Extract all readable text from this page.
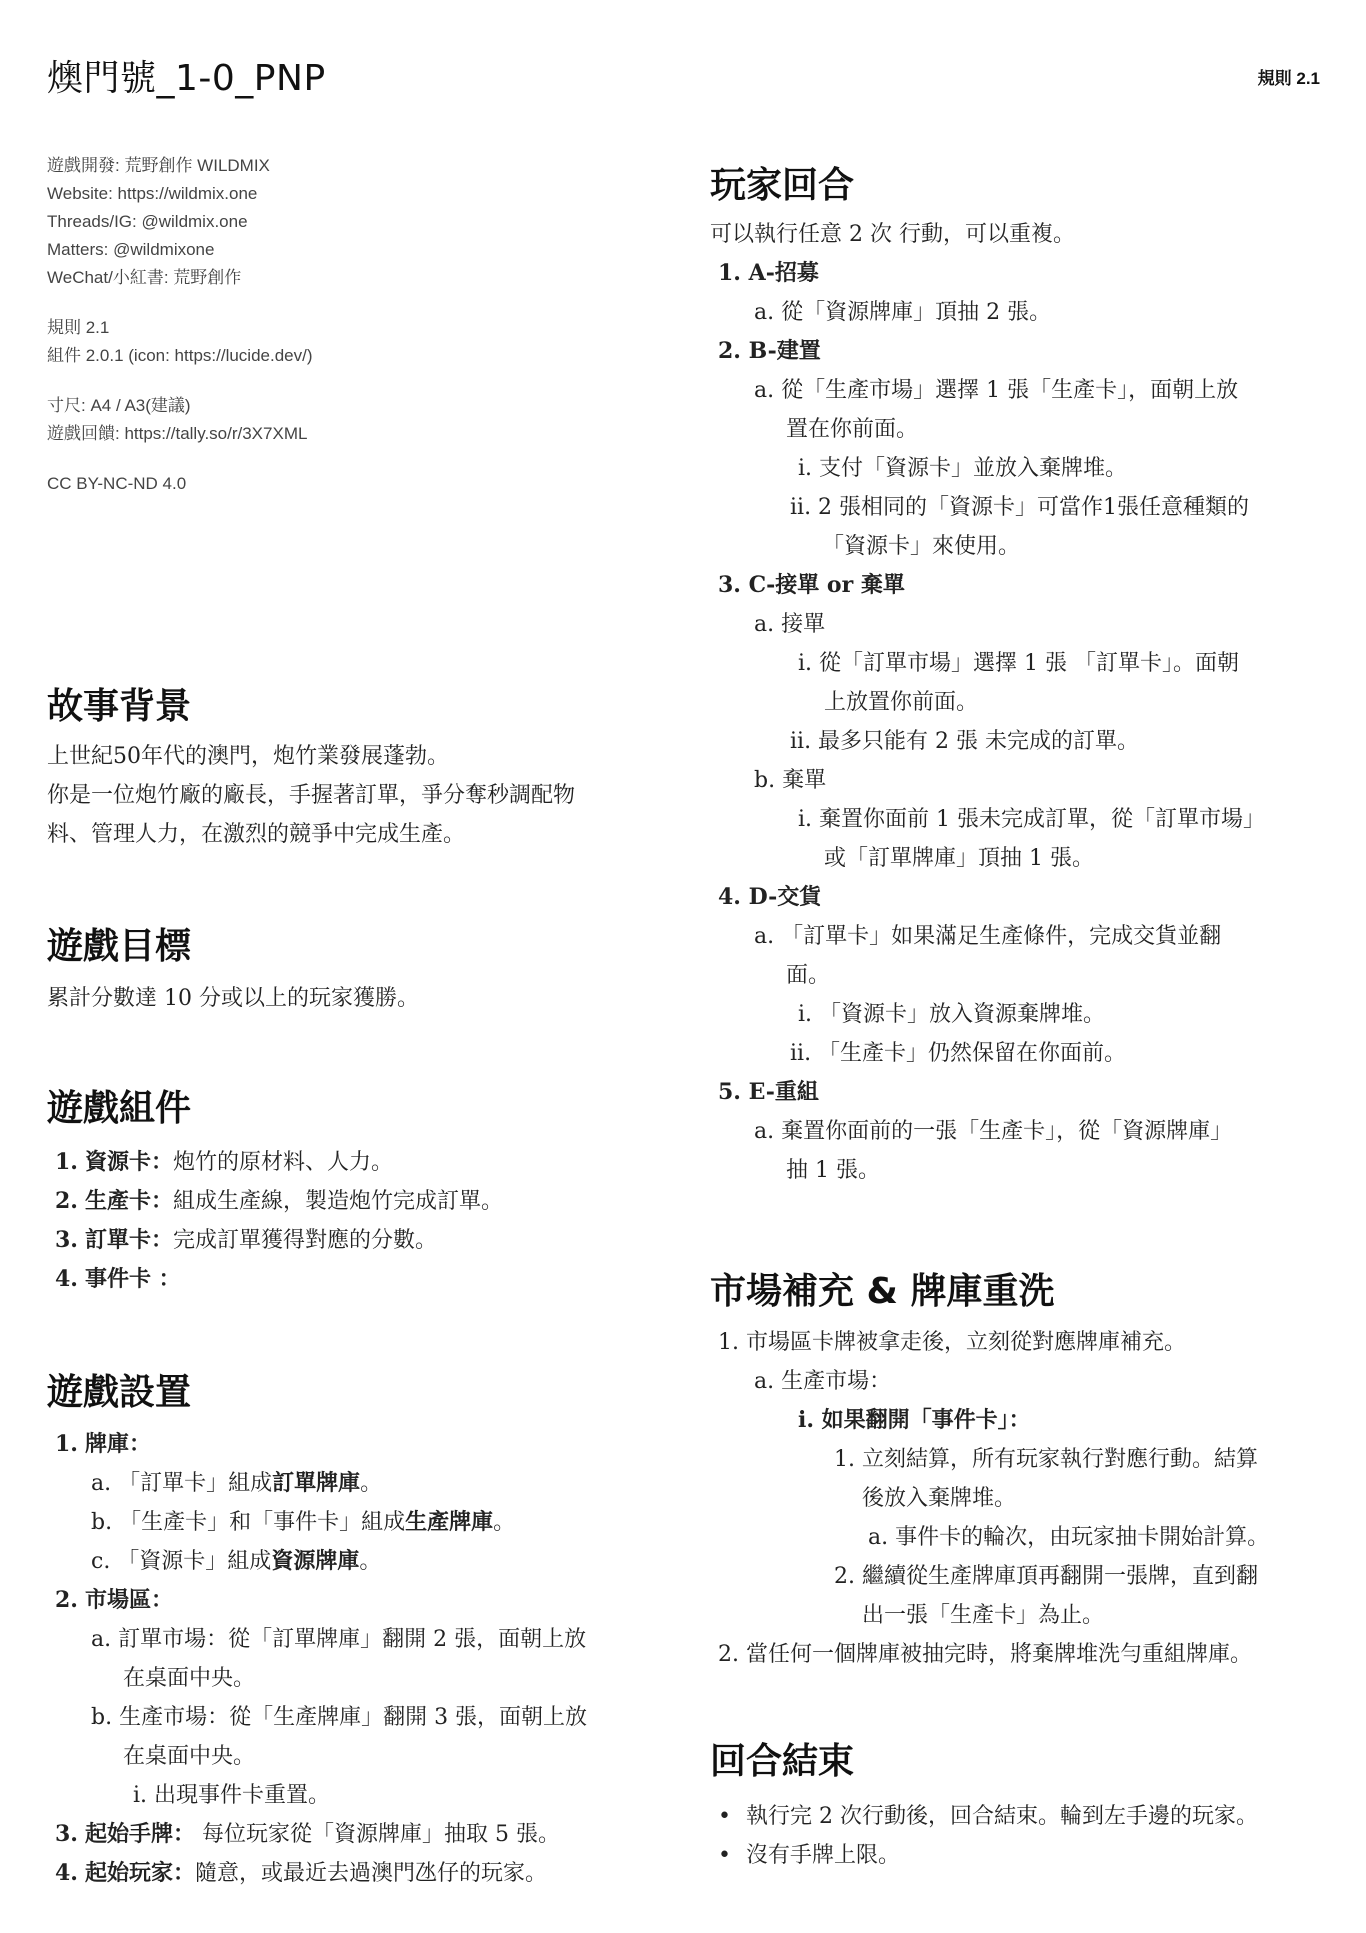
燠門號_1-0_PNP	規則 2.1
遊戲開發: 荒野創作 WILDMIX
Website: https://wildmix.one
Threads/IG: @wildmix.one
Matters: @wildmixone
WeChat/小紅書: 荒野創作
規則 2.1
組件 2.0.1 (icon: https://lucide.dev/)
寸尺: A4 / A3(建議)
遊戲回饋: https://tally.so/r/3X7XML
CC BY-NC-ND 4.0
故事背景
上世紀50年代的澳門，炮竹業發展蓬勃。
你是一位炮竹廠的廠長，手握著訂單，爭分奪秒調配物
料、管理人力，在激烈的競爭中完成生產。
遊戲目標
累計分數達 10 分或以上的玩家獲勝。
遊戲組件
1. 資源卡：炮竹的原材料、人力。
2. 生產卡：組成生產線，製造炮竹完成訂單。
3. 訂單卡：完成訂單獲得對應的分數。
4. 事件卡 ：
遊戲設置
1. 牌庫：
a. 「訂單卡」組成訂單牌庫。
b. 「生產卡」和「事件卡」組成生產牌庫。
c. 「資源卡」組成資源牌庫。
2. 市場區：
a. 訂單市場：從「訂單牌庫」翻開 2 張，面朝上放
在桌面中央。
b. 生產市場：從「生產牌庫」翻開 3 張，面朝上放
在桌面中央。
i. 出現事件卡重置。
3. 起始手牌： 每位玩家從「資源牌庫」抽取 5 張。
4. 起始玩家：隨意，或最近去過澳門氹仔的玩家。
玩家回合
可以執行任意 2 次 行動，可以重複。
1. A-招募
a. 從「資源牌庫」頂抽 2 張。
2. B-建置
a. 從「生產市場」選擇 1 張「生產卡」，面朝上放
置在你前面。
i. 支付「資源卡」並放入棄牌堆。
ii. 2 張相同的「資源卡」可當作1張任意種類的
「資源卡」來使用。
3. C-接單 or 棄單
a. 接單
i. 從「訂單市場」選擇 1 張 「訂單卡」。面朝
上放置你前面。
ii. 最多只能有 2 張 未完成的訂單。
b. 棄單
i. 棄置你面前 1 張未完成訂單，從「訂單市場」
或「訂單牌庫」頂抽 1 張。
4. D-交貨
a. 「訂單卡」如果滿足生產條件，完成交貨並翻
面。
i. 「資源卡」放入資源棄牌堆。
ii. 「生產卡」仍然保留在你面前。
5. E-重組
a. 棄置你面前的一張「生產卡」，從「資源牌庫」
抽 1 張。
市場補充 & 牌庫重洗
1. 市場區卡牌被拿走後，立刻從對應牌庫補充。
a. 生產市場：
i. 如果翻開「事件卡」：
1. 立刻結算，所有玩家執行對應行動。結算
後放入棄牌堆。
a. 事件卡的輪次，由玩家抽卡開始計算。
2. 繼續從生產牌庫頂再翻開一張牌，直到翻
出一張「生產卡」為止。
2. 當任何一個牌庫被抽完時，將棄牌堆洗勻重組牌庫。
回合結束
• 執行完 2 次行動後，回合結束。輪到左手邊的玩家。
• 沒有手牌上限。
